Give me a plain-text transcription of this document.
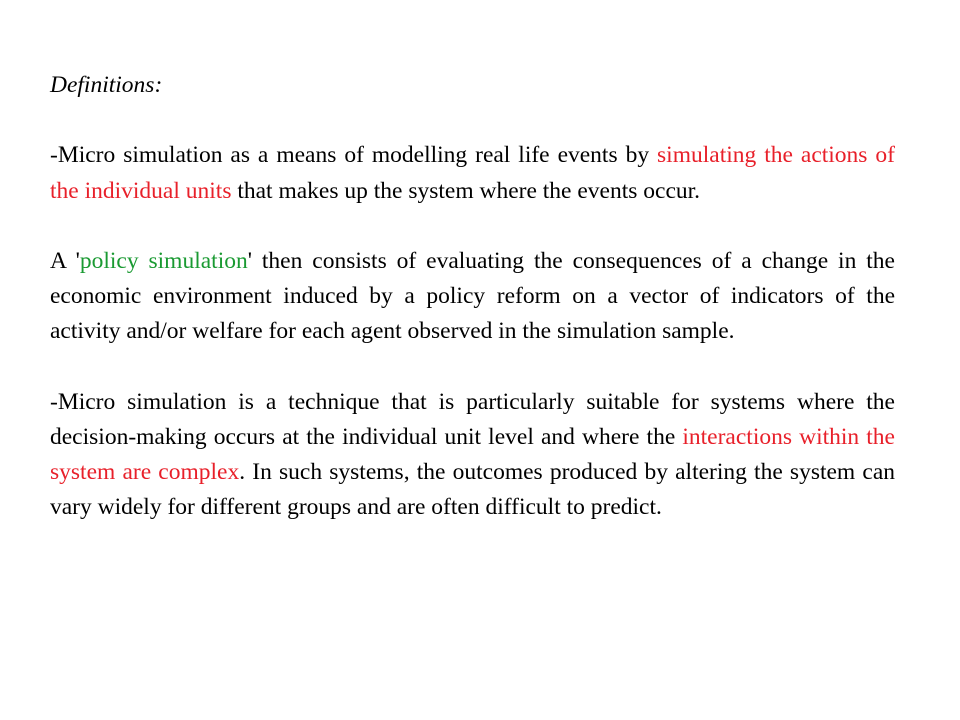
Definitions:

-Micro simulation as a means of modelling real life events by simulating the actions of the individual units that makes up the system where the events occur.

A 'policy simulation' then consists of evaluating the consequences of a change in the economic environment induced by a policy reform on a vector of indicators of the activity and/or welfare for each agent observed in the simulation sample.

-Micro simulation is a technique that is particularly suitable for systems where the decision-making occurs at the individual unit level and where the interactions within the system are complex. In such systems, the outcomes produced by altering the system can vary widely for different groups and are often difficult to predict.
